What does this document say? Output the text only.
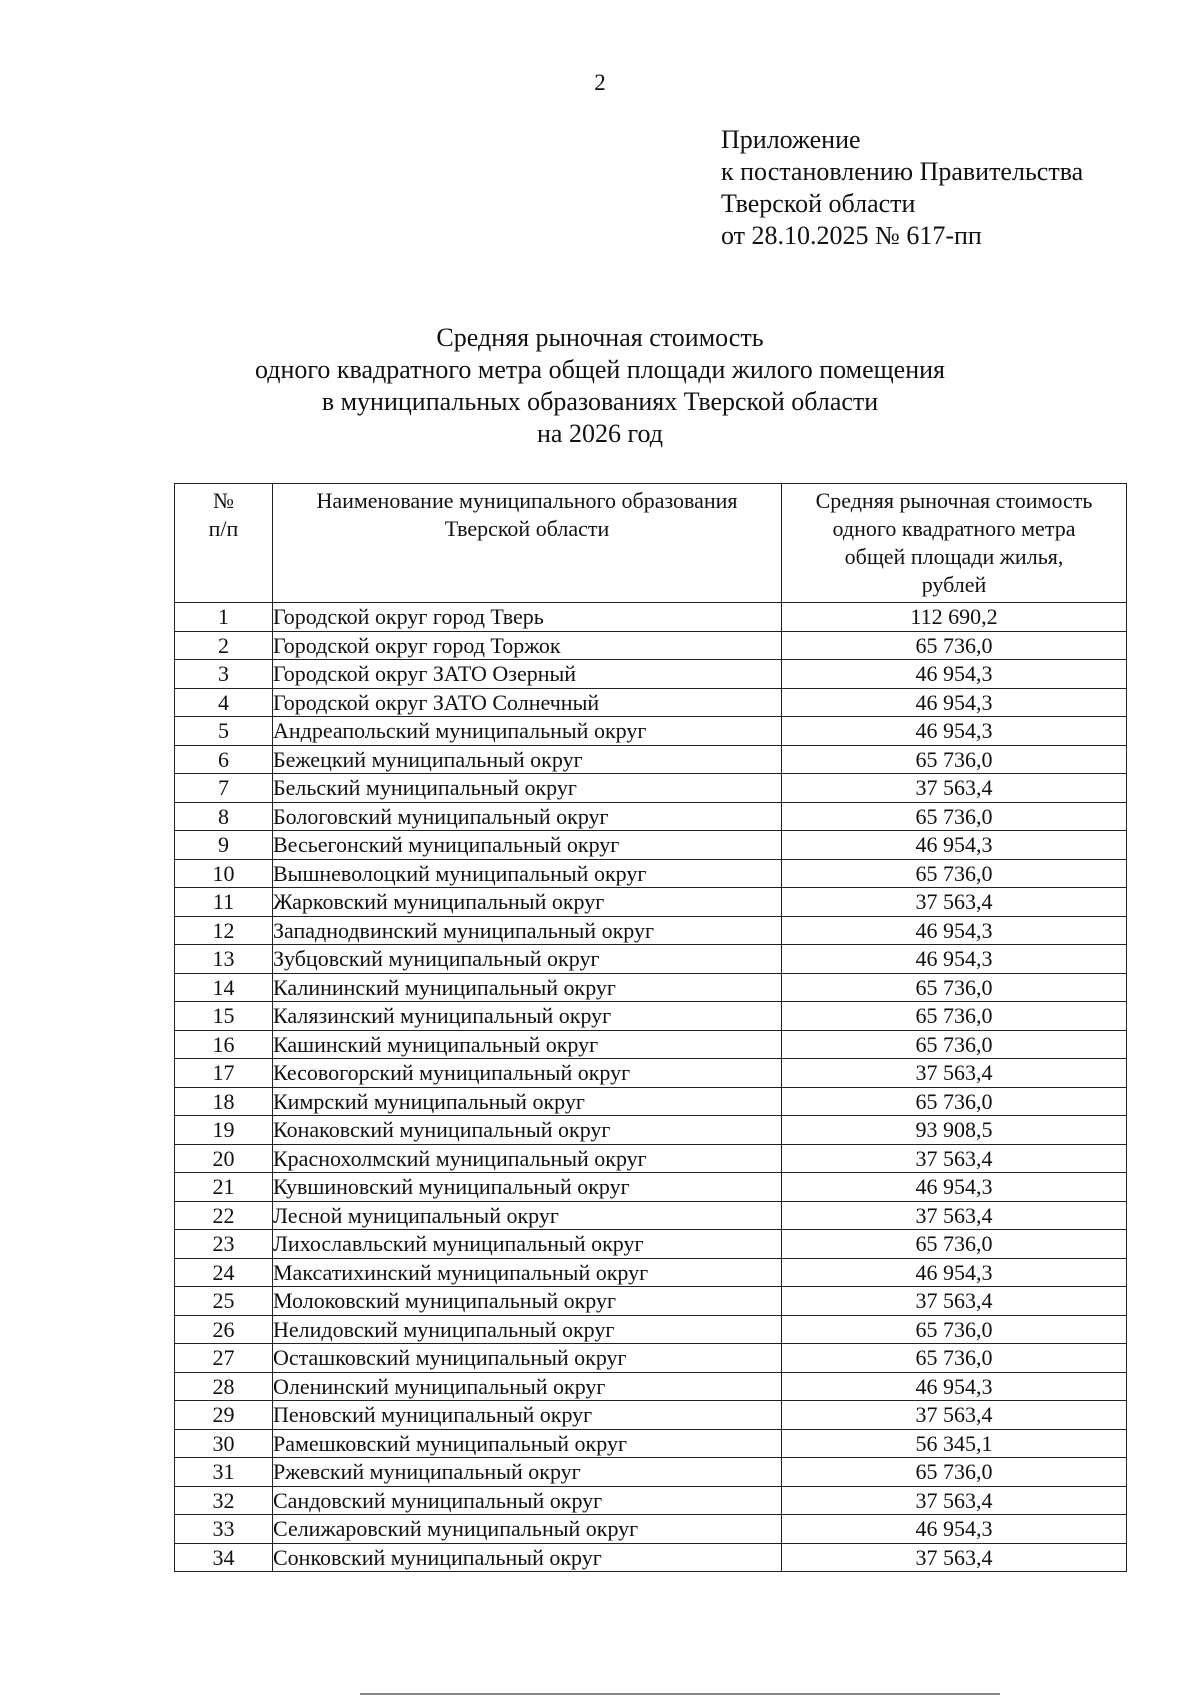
2
Приложение
к постановлению Правительства
Тверской области
от 28.10.2025 № 617-пп
Средняя рыночная стоимость
одного квадратного метра общей площади жилого помещения
в муниципальных образованиях Тверской области
на 2026 год
№
п/п

Наименование муниципального образования
Тверской области

Средняя рыночная стоимость
одного квадратного метра
общей площади жилья,
рублей

1	Городской округ город Тверь	112 690,2
2	Городской округ город Торжок	65 736,0
3	Городской округ ЗАТО Озерный	46 954,3
4	Городской округ ЗАТО Солнечный	46 954,3
5	Андреапольский муниципальный округ	46 954,3
6	Бежецкий муниципальный округ	65 736,0
7	Бельский муниципальный округ	37 563,4
8	Бологовский муниципальный округ	65 736,0
9	Весьегонский муниципальный округ	46 954,3
10	Вышневолоцкий муниципальный округ	65 736,0
11	Жарковский муниципальный округ	37 563,4
12	Западнодвинский муниципальный округ	46 954,3
13	Зубцовский муниципальный округ	46 954,3
14	Калининский муниципальный округ	65 736,0
15	Калязинский муниципальный округ	65 736,0
16	Кашинский муниципальный округ	65 736,0
17	Кесовогорский муниципальный округ	37 563,4
18	Кимрский муниципальный округ	65 736,0
19	Конаковский муниципальный округ	93 908,5
20	Краснохолмский муниципальный округ	37 563,4
21	Кувшиновский муниципальный округ	46 954,3
22	Лесной муниципальный округ	37 563,4
23	Лихославльский муниципальный округ	65 736,0
24	Максатихинский муниципальный округ	46 954,3
25	Молоковский муниципальный округ	37 563,4
26	Нелидовский муниципальный округ	65 736,0
27	Осташковский муниципальный округ	65 736,0
28	Оленинский муниципальный округ	46 954,3
29	Пеновский муниципальный округ	37 563,4
30	Рамешковский муниципальный округ	56 345,1
31	Ржевский муниципальный округ	65 736,0
32	Сандовский муниципальный округ	37 563,4
33	Селижаровский муниципальный округ	46 954,3
34	Сонковский муниципальный округ	37 563,4
